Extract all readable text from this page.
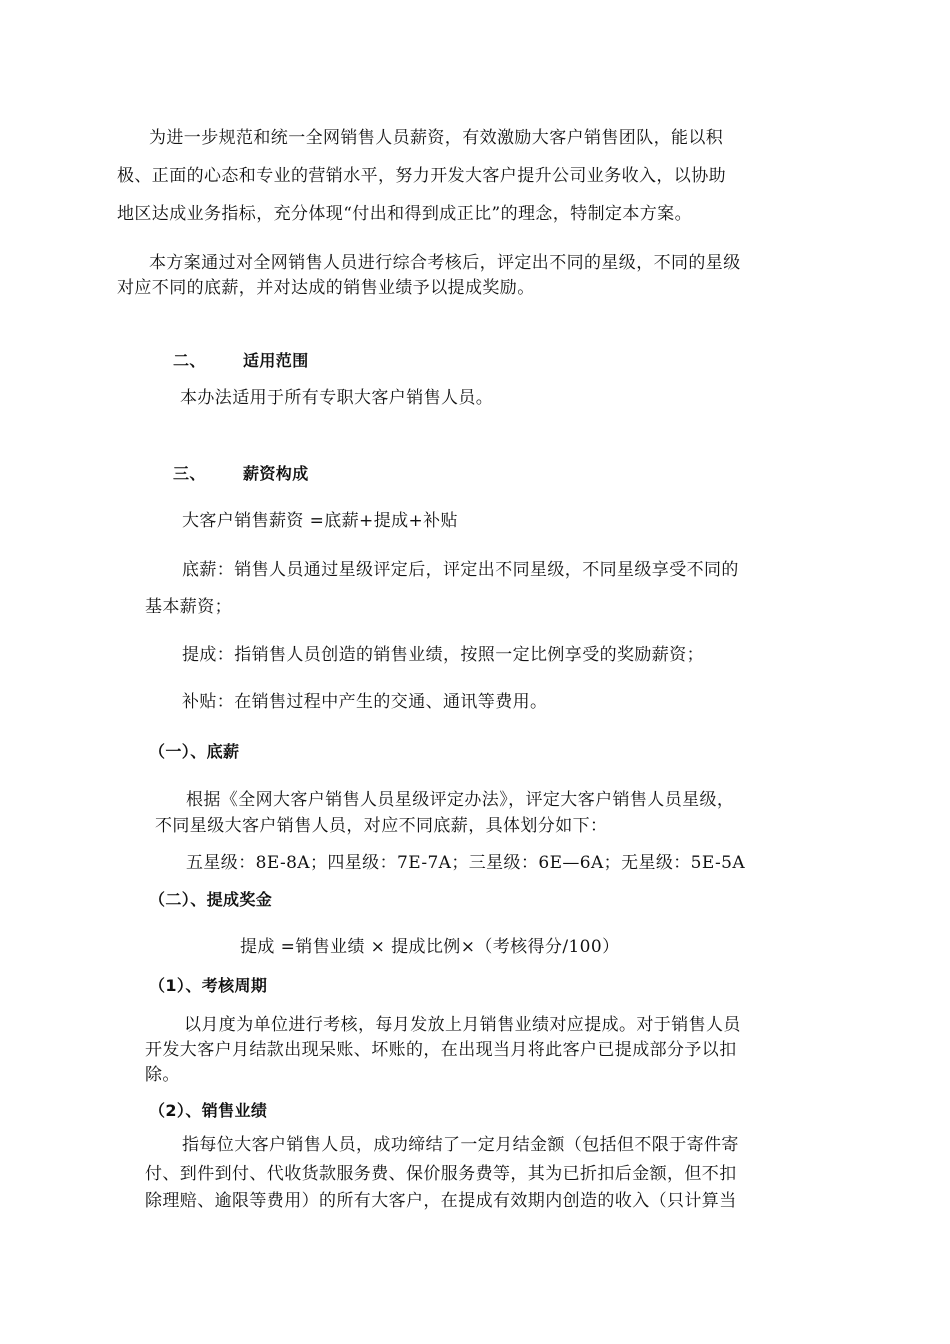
为进一步规范和统一全网销售人员薪资，有效激励大客户销售团队，能以积
极、正面的心态和专业的营销水平，努力开发大客户提升公司业务收入，以协助
地区达成业务指标，充分体现“付出和得到成正比”的理念，特制定本方案。
本方案通过对全网销售人员进行综合考核后，评定出不同的星级，不同的星级
对应不同的底薪，并对达成的销售业绩予以提成奖励。
二、 适用范围
本办法适用于所有专职大客户销售人员。
三、 薪资构成
大客户销售薪资 =底薪+提成+补贴
底薪：销售人员通过星级评定后，评定出不同星级，不同星级享受不同的
基本薪资；
提成：指销售人员创造的销售业绩，按照一定比例享受的奖励薪资；
补贴：在销售过程中产生的交通、通讯等费用。
（一）、底薪
根据《全网大客户销售人员星级评定办法》，评定大客户销售人员星级，
不同星级大客户销售人员，对应不同底薪，具体划分如下：
五星级：8E-8A；四星级：7E-7A；三星级：6E—6A；无星级：5E-5A
（二）、提成奖金
提成 =销售业绩 × 提成比例×（考核得分/100）
（1）、考核周期
以月度为单位进行考核，每月发放上月销售业绩对应提成。对于销售人员
开发大客户月结款出现呆账、坏账的，在出现当月将此客户已提成部分予以扣
除。
（2）、销售业绩
指每位大客户销售人员，成功缔结了一定月结金额（包括但不限于寄件寄
付、到件到付、代收货款服务费、保价服务费等，其为已折扣后金额，但不扣
除理赔、逾限等费用）的所有大客户，在提成有效期内创造的收入（只计算当
